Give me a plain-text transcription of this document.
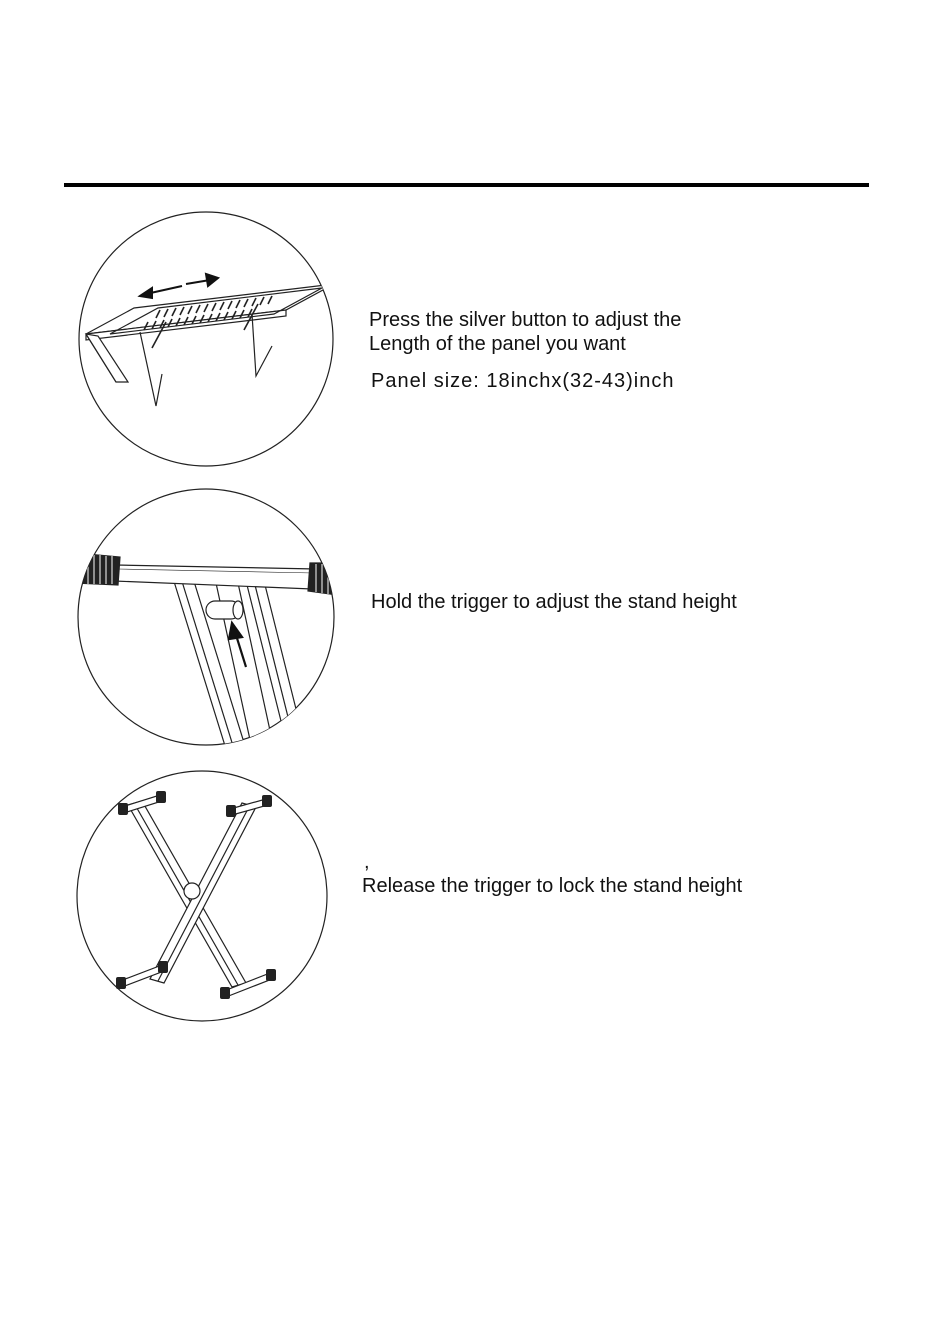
Press the silver button to adjust the
Length of the panel you want
Panel size: 18inchx(32-43)inch
Hold the trigger to adjust the stand height
,
Release the trigger to lock the stand height
